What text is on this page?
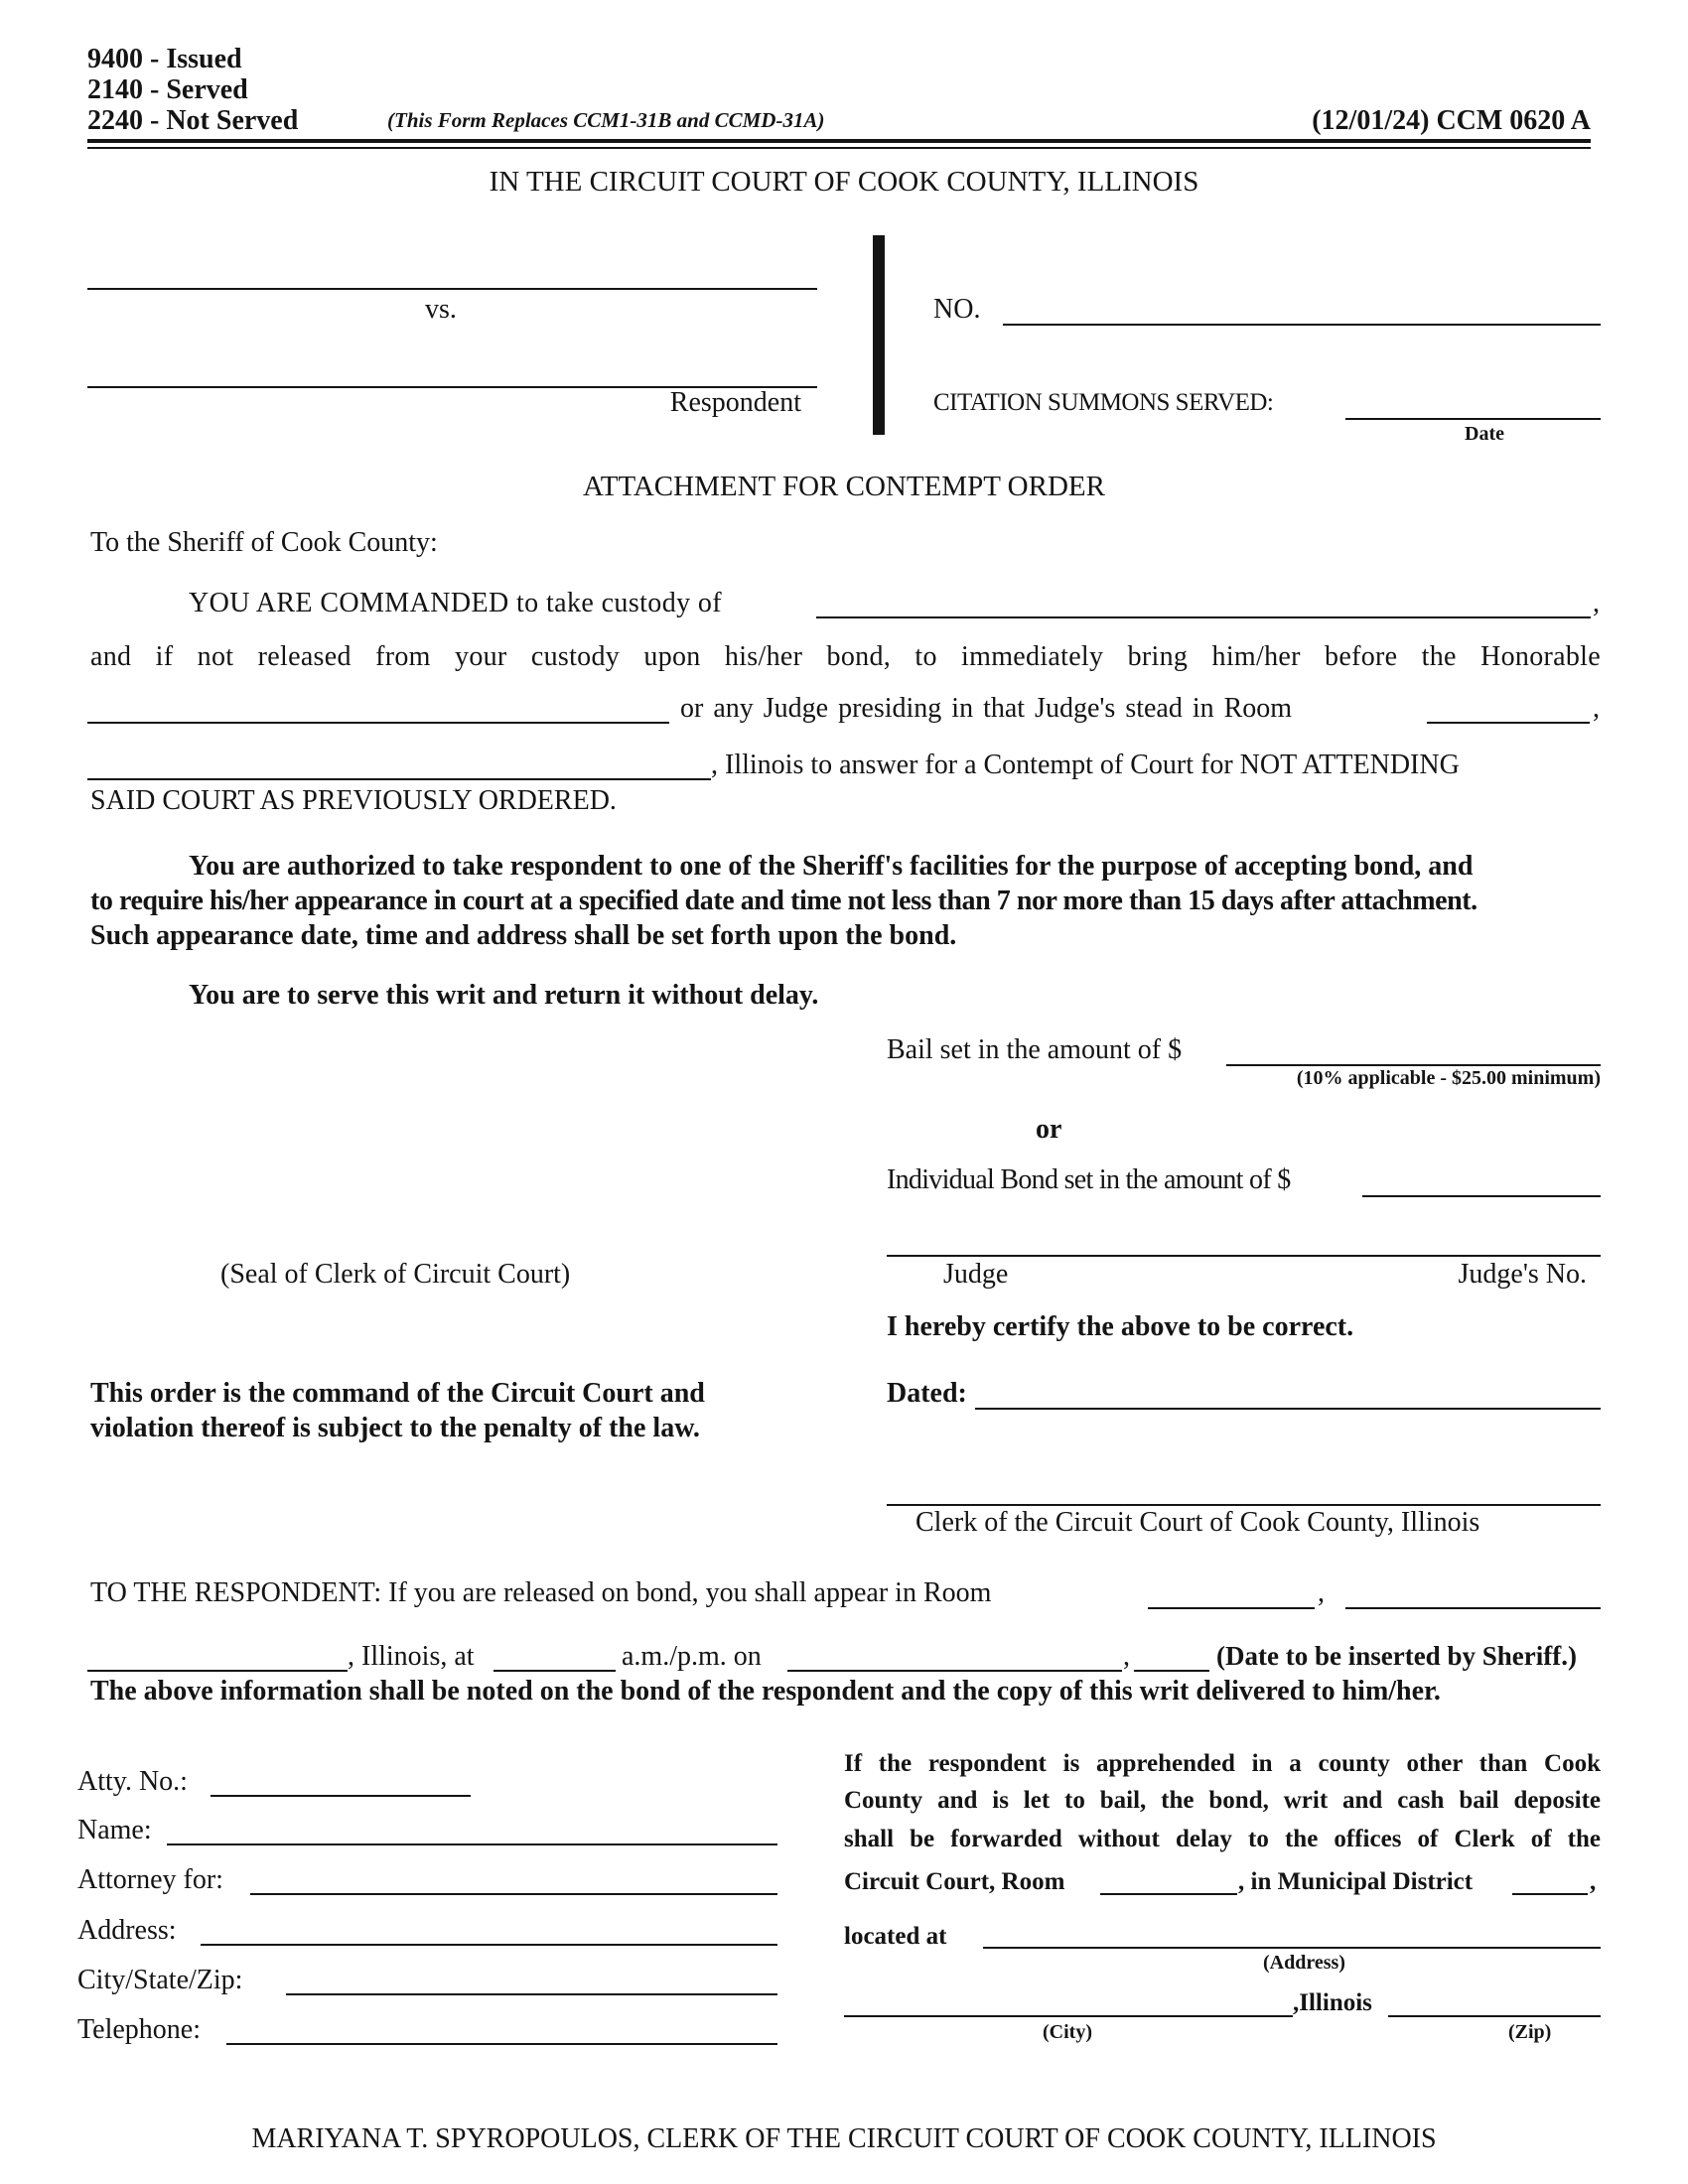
9400 - Issued
2140 - Served
2240 - Not Served	(This Form Replaces CCM1-31B and CCMD-31A)	(12/01/24) CCM 0620 A
IN THE CIRCUIT COURT OF COOK COUNTY, ILLINOIS
vs.
Respondent
NO.
CITATION SUMMONS SERVED:
Date
ATTACHMENT FOR CONTEMPT ORDER
To the Sheriff of Cook County:
YOU ARE COMMANDED to take custody of	,
and if not released from your custody upon his/her bond, to immediately bring him/her before the Honorable
or any Judge presiding in that Judge's stead in Room	,
, Illinois to answer for a Contempt of Court for NOT ATTENDING
SAID COURT AS PREVIOUSLY ORDERED.
You are authorized to take respondent to one of the Sheriff's facilities for the purpose of accepting bond, and
to require his/her appearance in court at a specified date and time not less than 7 nor more than 15 days after attachment.
Such appearance date, time and address shall be set forth upon the bond.
You are to serve this writ and return it without delay.
Bail set in the amount of $
(10% applicable - $25.00 minimum)
or
Individual Bond set in the amount of $
Judge	Judge's No.
I hereby certify the above to be correct.
Dated:
Clerk of the Circuit Court of Cook County, Illinois
(Seal of Clerk of Circuit Court)
This order is the command of the Circuit Court and
violation thereof is subject to the penalty of the law.
TO THE RESPONDENT: If you are released on bond, you shall appear in Room	,
, Illinois, at	a.m./p.m. on	,	(Date to be inserted by Sheriff.)
The above information shall be noted on the bond of the respondent and the copy of this writ delivered to him/her.
Atty. No.:
Name:
Attorney for:
Address:
City/State/Zip:
Telephone:
If the respondent is apprehended in a county other than Cook
County and is let to bail, the bond, writ and cash bail deposite
shall be forwarded without delay to the offices of Clerk of the
Circuit Court, Room	, in Municipal District	,
located at
(Address)
,Illinois
(City)	(Zip)
MARIYANA T. SPYROPOULOS, CLERK OF THE CIRCUIT COURT OF COOK COUNTY, ILLINOIS
